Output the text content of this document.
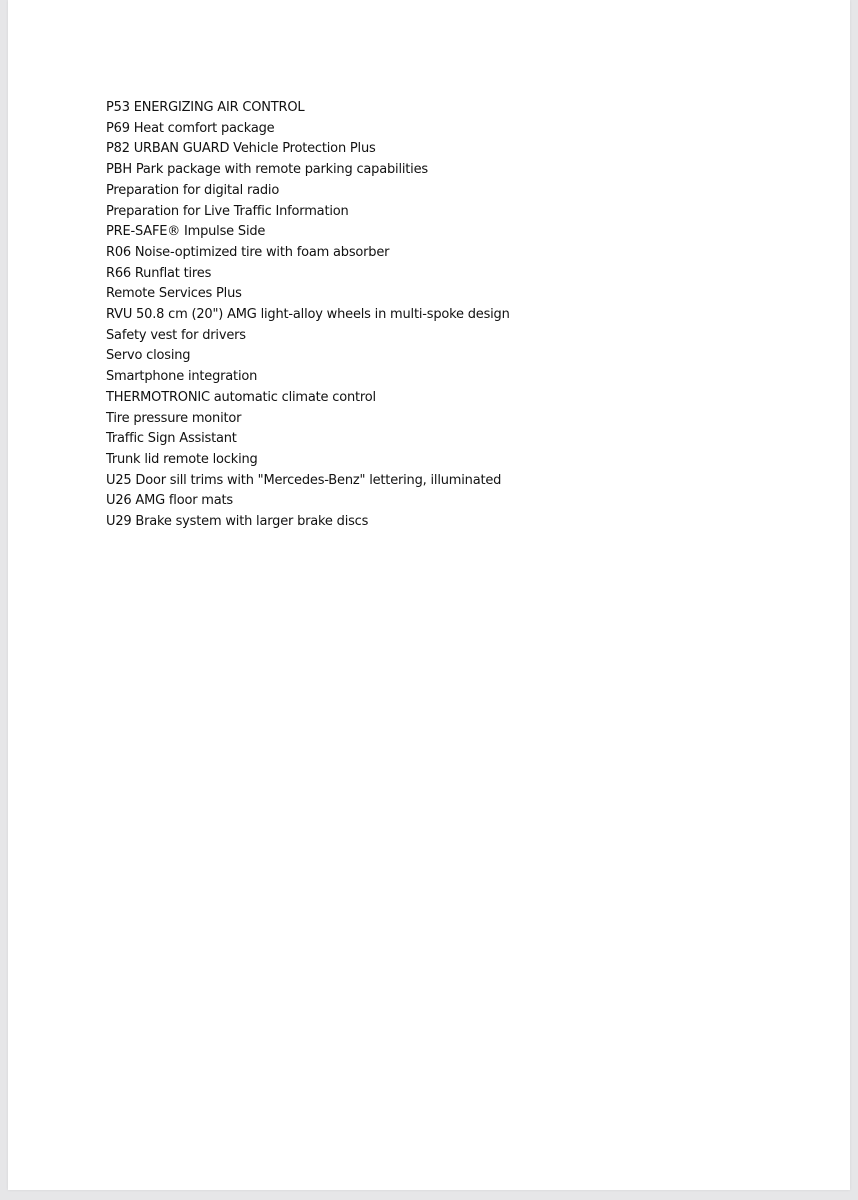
P53 ENERGIZING AIR CONTROL
P69 Heat comfort package
P82 URBAN GUARD Vehicle Protection Plus
PBH Park package with remote parking capabilities
Preparation for digital radio
Preparation for Live Traffic Information
PRE-SAFE® Impulse Side
R06 Noise-optimized tire with foam absorber
R66 Runflat tires
Remote Services Plus
RVU 50.8 cm (20") AMG light-alloy wheels in multi-spoke design
Safety vest for drivers
Servo closing
Smartphone integration
THERMOTRONIC automatic climate control
Tire pressure monitor
Traffic Sign Assistant
Trunk lid remote locking
U25 Door sill trims with "Mercedes-Benz" lettering, illuminated
U26 AMG floor mats
U29 Brake system with larger brake discs
